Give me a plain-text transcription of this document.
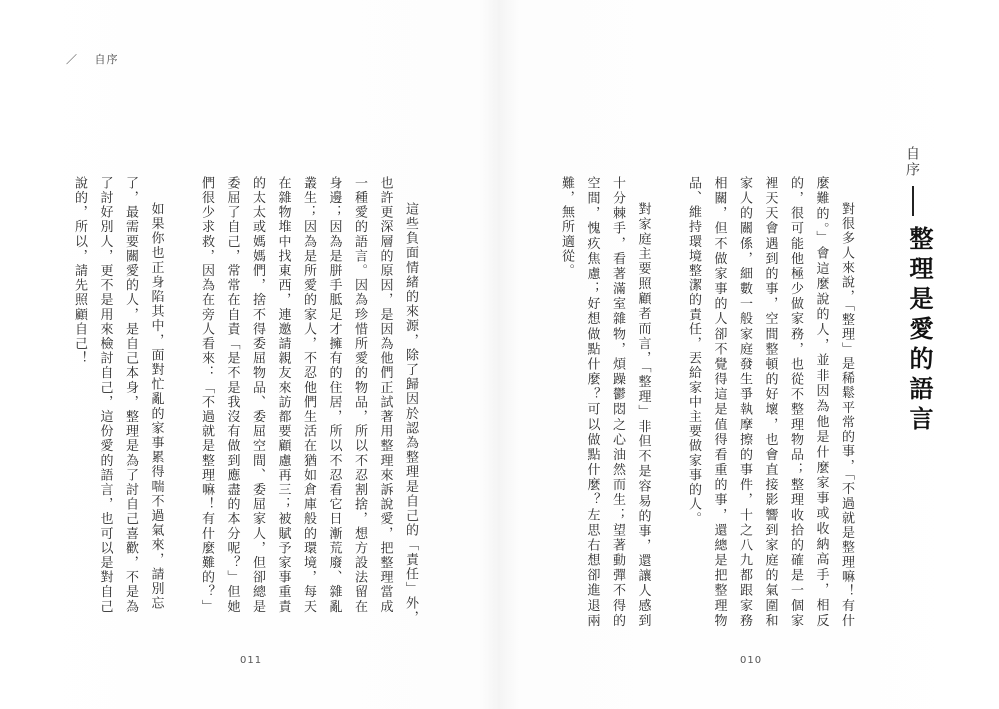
／ 自序
自序
整理是愛的語言

對很多人來說，「整理」是稀鬆平常的事，「不過就是整理嘛！有什麼難的。」會這麼說的人，並非因為他是什麼家事或收納高手，相反的，很可能他極少做家務，也從不整理物品；整理收拾的確是一個家裡天天會遇到的事，空間整頓的好壞，也會直接影響到家庭的氣圍和家人的關係，細數一般家庭發生爭執摩擦的事件，十之八九都跟家務相關，但不做家事的人卻不覺得這是值得看重的事，還總是把整理物品、維持環境整潔的責任，丟給家中主要做家事的人。

對家庭主要照顧者而言，「整理」非但不是容易的事，還讓人感到十分棘手，看著滿室雜物，煩躁鬱悶之心油然而生；望著動彈不得的空間，愧疚焦慮；好想做點什麼？可以做點什麼？左思右想卻進退兩難，無所適從。

010

這些負面情緒的來源，除了歸因於認為整理是自己的「責任」外，也許更深層的原因，是因為他們正試著用整理來訴說愛，把整理當成一種愛的語言。因為珍惜所愛的物品，所以不忍割捨，想方設法留在身邊；因為是胼手胝足才擁有的住居，所以不忍看它日漸荒廢、雜亂叢生；因為是所愛的家人，不忍他們生活在猶如倉庫般的環境，每天在雜物堆中找東西，連邀請親友來訪都要顧慮再三；被賦予家事重責的太太或媽媽們，捨不得委屈物品、委屈空間、委屈家人，但卻總是委屈了自己，常常在自責「是不是我沒有做到應盡的本分呢？」但她們很少求救，因為在旁人看來：「不過就是整理嘛！有什麼難的？」

如果你也正身陷其中，面對忙亂的家事累得喘不過氣來，請別忘了，最需要關愛的人，是自己本身，整理是為了討自己喜歡，不是為了討好別人，更不是用來檢討自己，這份愛的語言，也可以是對自己說的，所以，請先照顧自己！

011
